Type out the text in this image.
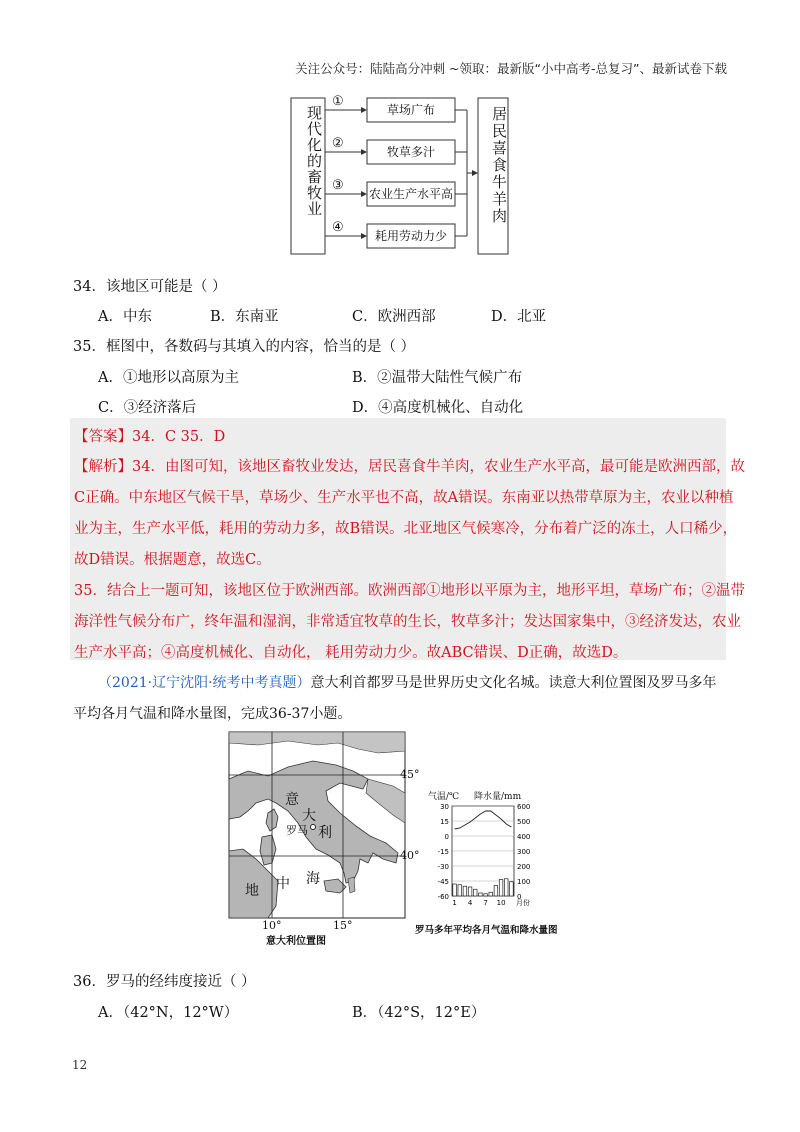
关注公众号：陆陆高分冲刺 ~领取：最新版“小中高考-总复习”、最新试卷下载
现代化的畜牧业	居民喜食牛羊肉
①
②
③
④
草场广布
牧草多汁
农业生产水平高
耗用劳动力少
34．该地区可能是（ ）
A．中东	B．东南亚	C．欧洲西部	D．北亚
35．框图中，各数码与其填入的内容，恰当的是（ ）
A．①地形以高原为主	B．②温带大陆性气候广布
C．③经济落后	D．④高度机械化、自动化
【答案】34．C 35．D
【解析】34．由图可知，该地区畜牧业发达，居民喜食牛羊肉，农业生产水平高，最可能是欧洲西部，故
C正确。中东地区气候干旱，草场少、生产水平也不高，故A错误。东南亚以热带草原为主，农业以种植
业为主，生产水平低，耗用的劳动力多，故B错误。北亚地区气候寒冷，分布着广泛的冻土，人口稀少，
故D错误。根据题意，故选C。
35．结合上一题可知，该地区位于欧洲西部。欧洲西部①地形以平原为主，地形平坦，草场广布；②温带
海洋性气候分布广，终年温和湿润，非常适宜牧草的生长，牧草多汁；发达国家集中，③经济发达，农业
生产水平高；④高度机械化、自动化， 耗用劳动力少。故ABC错误、D正确，故选D。
（2021·辽宁沈阳·统考中考真题）意大利首都罗马是世界历史文化名城。读意大利位置图及罗马多年
平均各月气温和降水量图，完成36-37小题。
45°
40°
10°	15°
意
大
利
罗马
地 中 海
意大利位置图
气温/℃ 降水量/mm
30	600
15	500
0	400
-15	300
-30	200
-45	100
-60	0
1 4 7 10 月份
罗马多年平均各月气温和降水量图
36．罗马的经纬度接近（ ）
A．（42°N，12°W）	B．（42°S，12°E）
12
